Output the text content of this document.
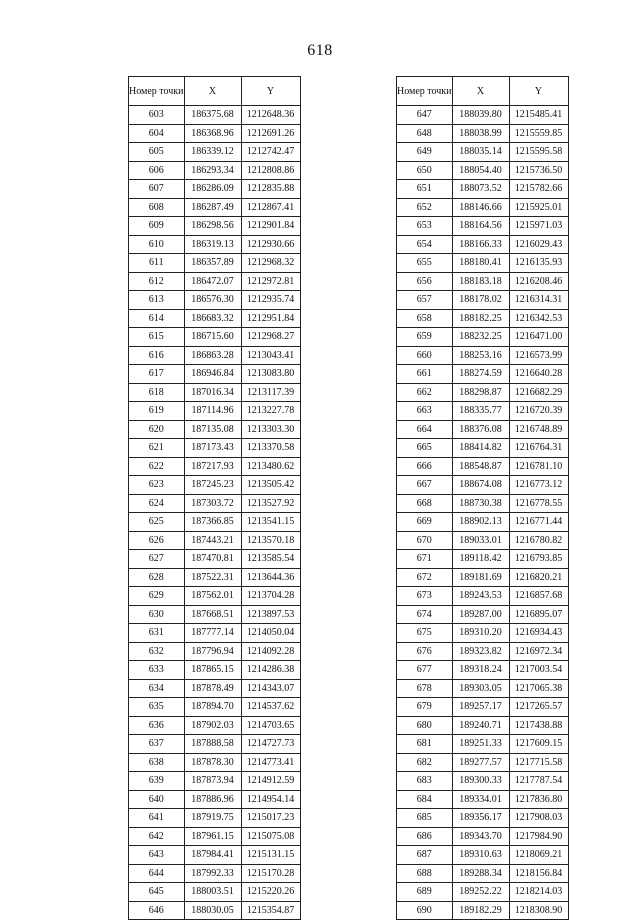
618
Номер точки	X	Y
603	186375.68	1212648.36
604	186368.96	1212691.26
605	186339.12	1212742.47
606	186293.34	1212808.86
607	186286.09	1212835.88
608	186287.49	1212867.41
609	186298.56	1212901.84
610	186319.13	1212930.66
611	186357.89	1212968.32
612	186472.07	1212972.81
613	186576.30	1212935.74
614	186683.32	1212951.84
615	186715.60	1212968.27
616	186863.28	1213043.41
617	186946.84	1213083.80
618	187016.34	1213117.39
619	187114.96	1213227.78
620	187135.08	1213303.30
621	187173.43	1213370.58
622	187217.93	1213480.62
623	187245.23	1213505.42
624	187303.72	1213527.92
625	187366.85	1213541.15
626	187443.21	1213570.18
627	187470.81	1213585.54
628	187522.31	1213644.36
629	187562.01	1213704.28
630	187668.51	1213897.53
631	187777.14	1214050.04
632	187796.94	1214092.28
633	187865.15	1214286.38
634	187878.49	1214343.07
635	187894.70	1214537.62
636	187902.03	1214703.65
637	187888.58	1214727.73
638	187878.30	1214773.41
639	187873.94	1214912.59
640	187886.96	1214954.14
641	187919.75	1215017.23
642	187961.15	1215075.08
643	187984.41	1215131.15
644	187992.33	1215170.28
645	188003.51	1215220.26
646	188030.05	1215354.87
Номер точки	X	Y
647	188039.80	1215485.41
648	188038.99	1215559.85
649	188035.14	1215595.58
650	188054.40	1215736.50
651	188073.52	1215782.66
652	188146.66	1215925.01
653	188164.56	1215971.03
654	188166.33	1216029.43
655	188180.41	1216135.93
656	188183.18	1216208.46
657	188178.02	1216314.31
658	188182.25	1216342.53
659	188232.25	1216471.00
660	188253.16	1216573.99
661	188274.59	1216640.28
662	188298.87	1216682.29
663	188335.77	1216720.39
664	188376.08	1216748.89
665	188414.82	1216764.31
666	188548.87	1216781.10
667	188674.08	1216773.12
668	188730.38	1216778.55
669	188902.13	1216771.44
670	189033.01	1216780.82
671	189118.42	1216793.85
672	189181.69	1216820.21
673	189243.53	1216857.68
674	189287.00	1216895.07
675	189310.20	1216934.43
676	189323.82	1216972.34
677	189318.24	1217003.54
678	189303.05	1217065.38
679	189257.17	1217265.57
680	189240.71	1217438.88
681	189251.33	1217609.15
682	189277.57	1217715.58
683	189300.33	1217787.54
684	189334.01	1217836.80
685	189356.17	1217908.03
686	189343.70	1217984.90
687	189310.63	1218069.21
688	189288.34	1218156.84
689	189252.22	1218214.03
690	189182.29	1218308.90
